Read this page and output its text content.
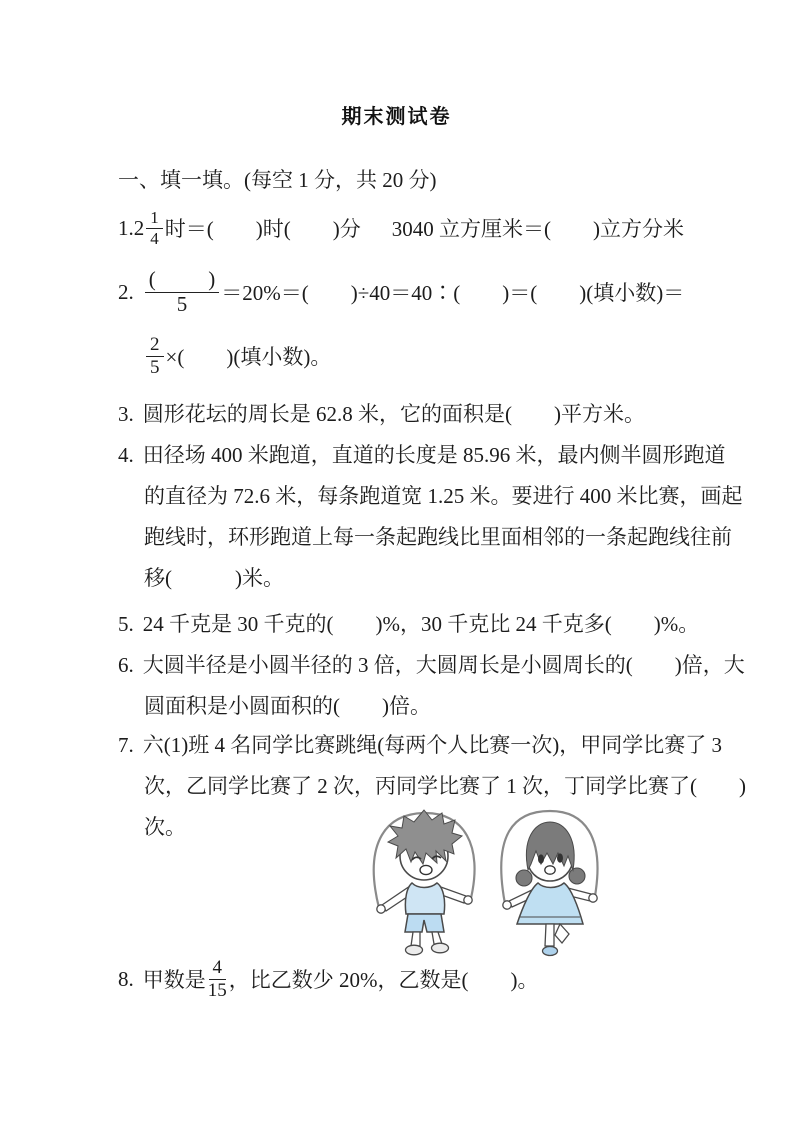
期末测试卷
一、填一填。(每空 1 分，共 20 分)
1. $2 \frac{1}{4}$ 时＝(        )时(        )分 3040 立方厘米＝(        )立方分米
2. $\frac{( )}{5} =20\%=$(        )÷40＝40∶(        )＝(        )(填小数)＝
$\frac{2}{5}$ ×(        )(填小数)。
3. 圆形花坛的周长是 62.8 米，它的面积是(        )平方米。
4. 田径场 400 米跑道，直道的长度是 85.96 米，最内侧半圆形跑道
的直径为 72.6 米，每条跑道宽 1.25 米。要进行 400 米比赛，画起
跑线时，环形跑道上每一条起跑线比里面相邻的一条起跑线往前
移(            )米。
5. 24 千克是 30 千克的(        )%，30 千克比 24 千克多(        )%。
6. 大圆半径是小圆半径的 3 倍，大圆周长是小圆周长的(        )倍，大
圆面积是小圆面积的(        )倍。
7. 六(1)班 4 名同学比赛跳绳(每两个人比赛一次)，甲同学比赛了 3
次，乙同学比赛了 2 次，丙同学比赛了 1 次，丁同学比赛了(        )
次。
8. 甲数是 $\frac{4}{15}$ ，比乙数少 20%，乙数是(        )。
